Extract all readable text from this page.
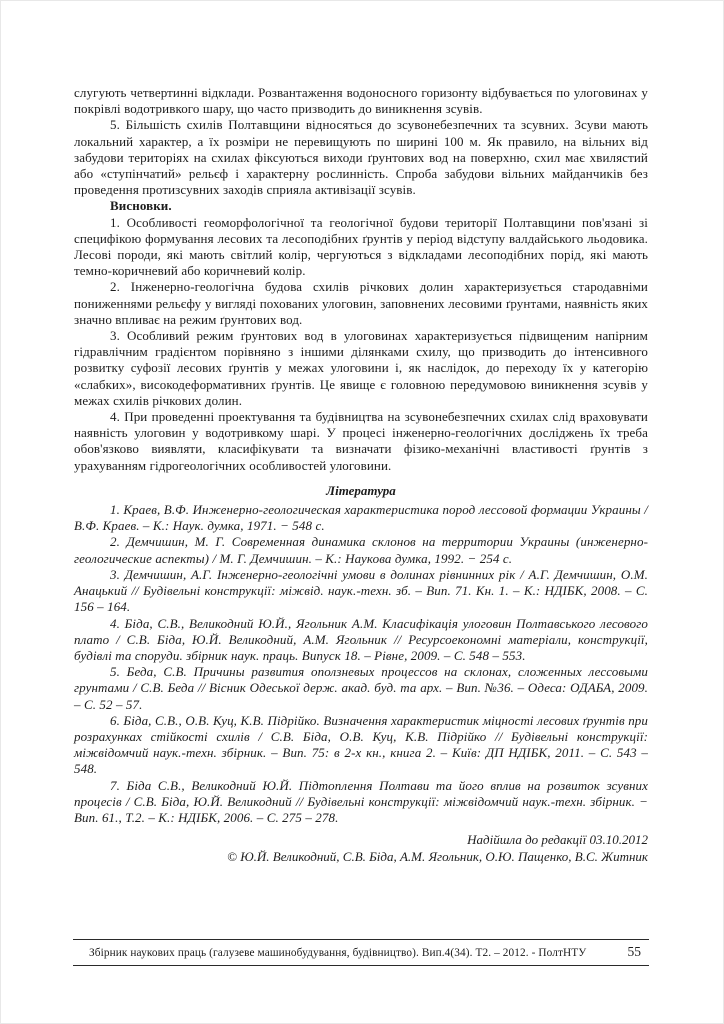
слугують четвертинні відклади. Розвантаження водоносного горизонту відбувається по улоговинах у покрівлі водотривкого шару, що часто призводить до виникнення зсувів.

5. Більшість схилів Полтавщини відносяться до зсувонебезпечних та зсувних. Зсуви мають локальний характер, а їх розміри не перевищують по ширині 100 м. Як правило, на вільних від забудови територіях на схилах фіксуються виходи ґрунтових вод на поверхню, схил має хвилястий або «ступінчатий» рельєф і характерну рослинність. Спроба забудови вільних майданчиків без проведення протизсувних заходів сприяла активізації зсувів.

Висновки.

1. Особливості геоморфологічної та геологічної будови території Полтавщини пов'язані зі специфікою формування лесових та лесоподібних ґрунтів у період відступу валдайського льодовика. Лесові породи, які мають світлий колір, чергуються з відкладами лесоподібних порід, які мають темно-коричневий або коричневий колір.

2. Інженерно-геологічна будова схилів річкових долин характеризується стародавніми пониженнями рельєфу у вигляді похованих улоговин, заповнених лесовими ґрунтами, наявність яких значно впливає на режим ґрунтових вод.

3. Особливий режим ґрунтових вод в улоговинах характеризується підвищеним напірним гідравлічним градієнтом порівняно з іншими ділянками схилу, що призводить до інтенсивного розвитку суфозії лесових ґрунтів у межах улоговини і, як наслідок, до переходу їх у категорію «слабких», високодеформативних ґрунтів. Це явище є головною передумовою виникнення зсувів у межах схилів річкових долин.

4. При проведенні проектування та будівництва на зсувонебезпечних схилах слід враховувати наявність улоговин у водотривкому шарі. У процесі інженерно-геологічних досліджень їх треба обов'язково виявляти, класифікувати та визначати фізико-механічні властивості ґрунтів з урахуванням гідрогеологічних особливостей улоговини.

Література

1. Краев, В.Ф. Инженерно-геологическая характеристика пород лессовой формации Украины / В.Ф. Краев. – К.: Наук. думка, 1971. − 548 с.

2. Демчишин, М. Г. Современная динамика склонов на территории Украины (инженерно-геологические аспекты) / М. Г. Демчишин. – К.: Наукова думка, 1992. − 254 с.

3. Демчишин, А.Г. Інженерно-геологічні умови в долинах рівнинних рік / А.Г. Демчишин, О.М. Анацький // Будівельні конструкції: міжвід. наук.-техн. зб. – Вип. 71. Кн. 1. – К.: НДІБК, 2008. – С. 156 – 164.

4. Біда, С.В., Великодний Ю.Й., Ягольник А.М. Класифікація улоговин Полтавського лесового плато / С.В. Біда, Ю.Й. Великодний, А.М. Ягольник // Ресурсоекономні матеріали, конструкції, будівлі та споруди. збірник наук. праць. Випуск 18. – Рівне, 2009. – С. 548 – 553.

5. Беда, С.В. Причины развития оползневых процессов на склонах, сложенных лессовыми грунтами / С.В. Беда // Вісник Одеської держ. акад. буд. та арх. – Вип. №36. – Одеса: ОДАБА, 2009. – С. 52 – 57.

6. Біда, С.В., О.В. Куц, К.В. Підрійко. Визначення характеристик міцності лесових ґрунтів при розрахунках стійкості схилів / С.В. Біда, О.В. Куц, К.В. Підрійко // Будівельні конструкції: міжвідомчий наук.-техн. збірник. – Вип. 75: в 2-х кн., книга 2. – Київ: ДП НДІБК, 2011. – С. 543 – 548.

7. Біда С.В., Великодний Ю.Й. Підтоплення Полтави та його вплив на розвиток зсувних процесів / С.В. Біда, Ю.Й. Великодний // Будівельні конструкції: міжвідомчий наук.-техн. збірник. − Вип. 61., Т.2. – К.: НДІБК, 2006. – С. 275 – 278.

Надійшла до редакції 03.10.2012

© Ю.Й. Великодний, С.В. Біда, А.М. Ягольник, О.Ю. Пащенко, В.С. Житник

Збірник наукових праць (галузеве машинобудування, будівництво). Вип.4(34). Т2. – 2012. - ПолтНТУ	55
